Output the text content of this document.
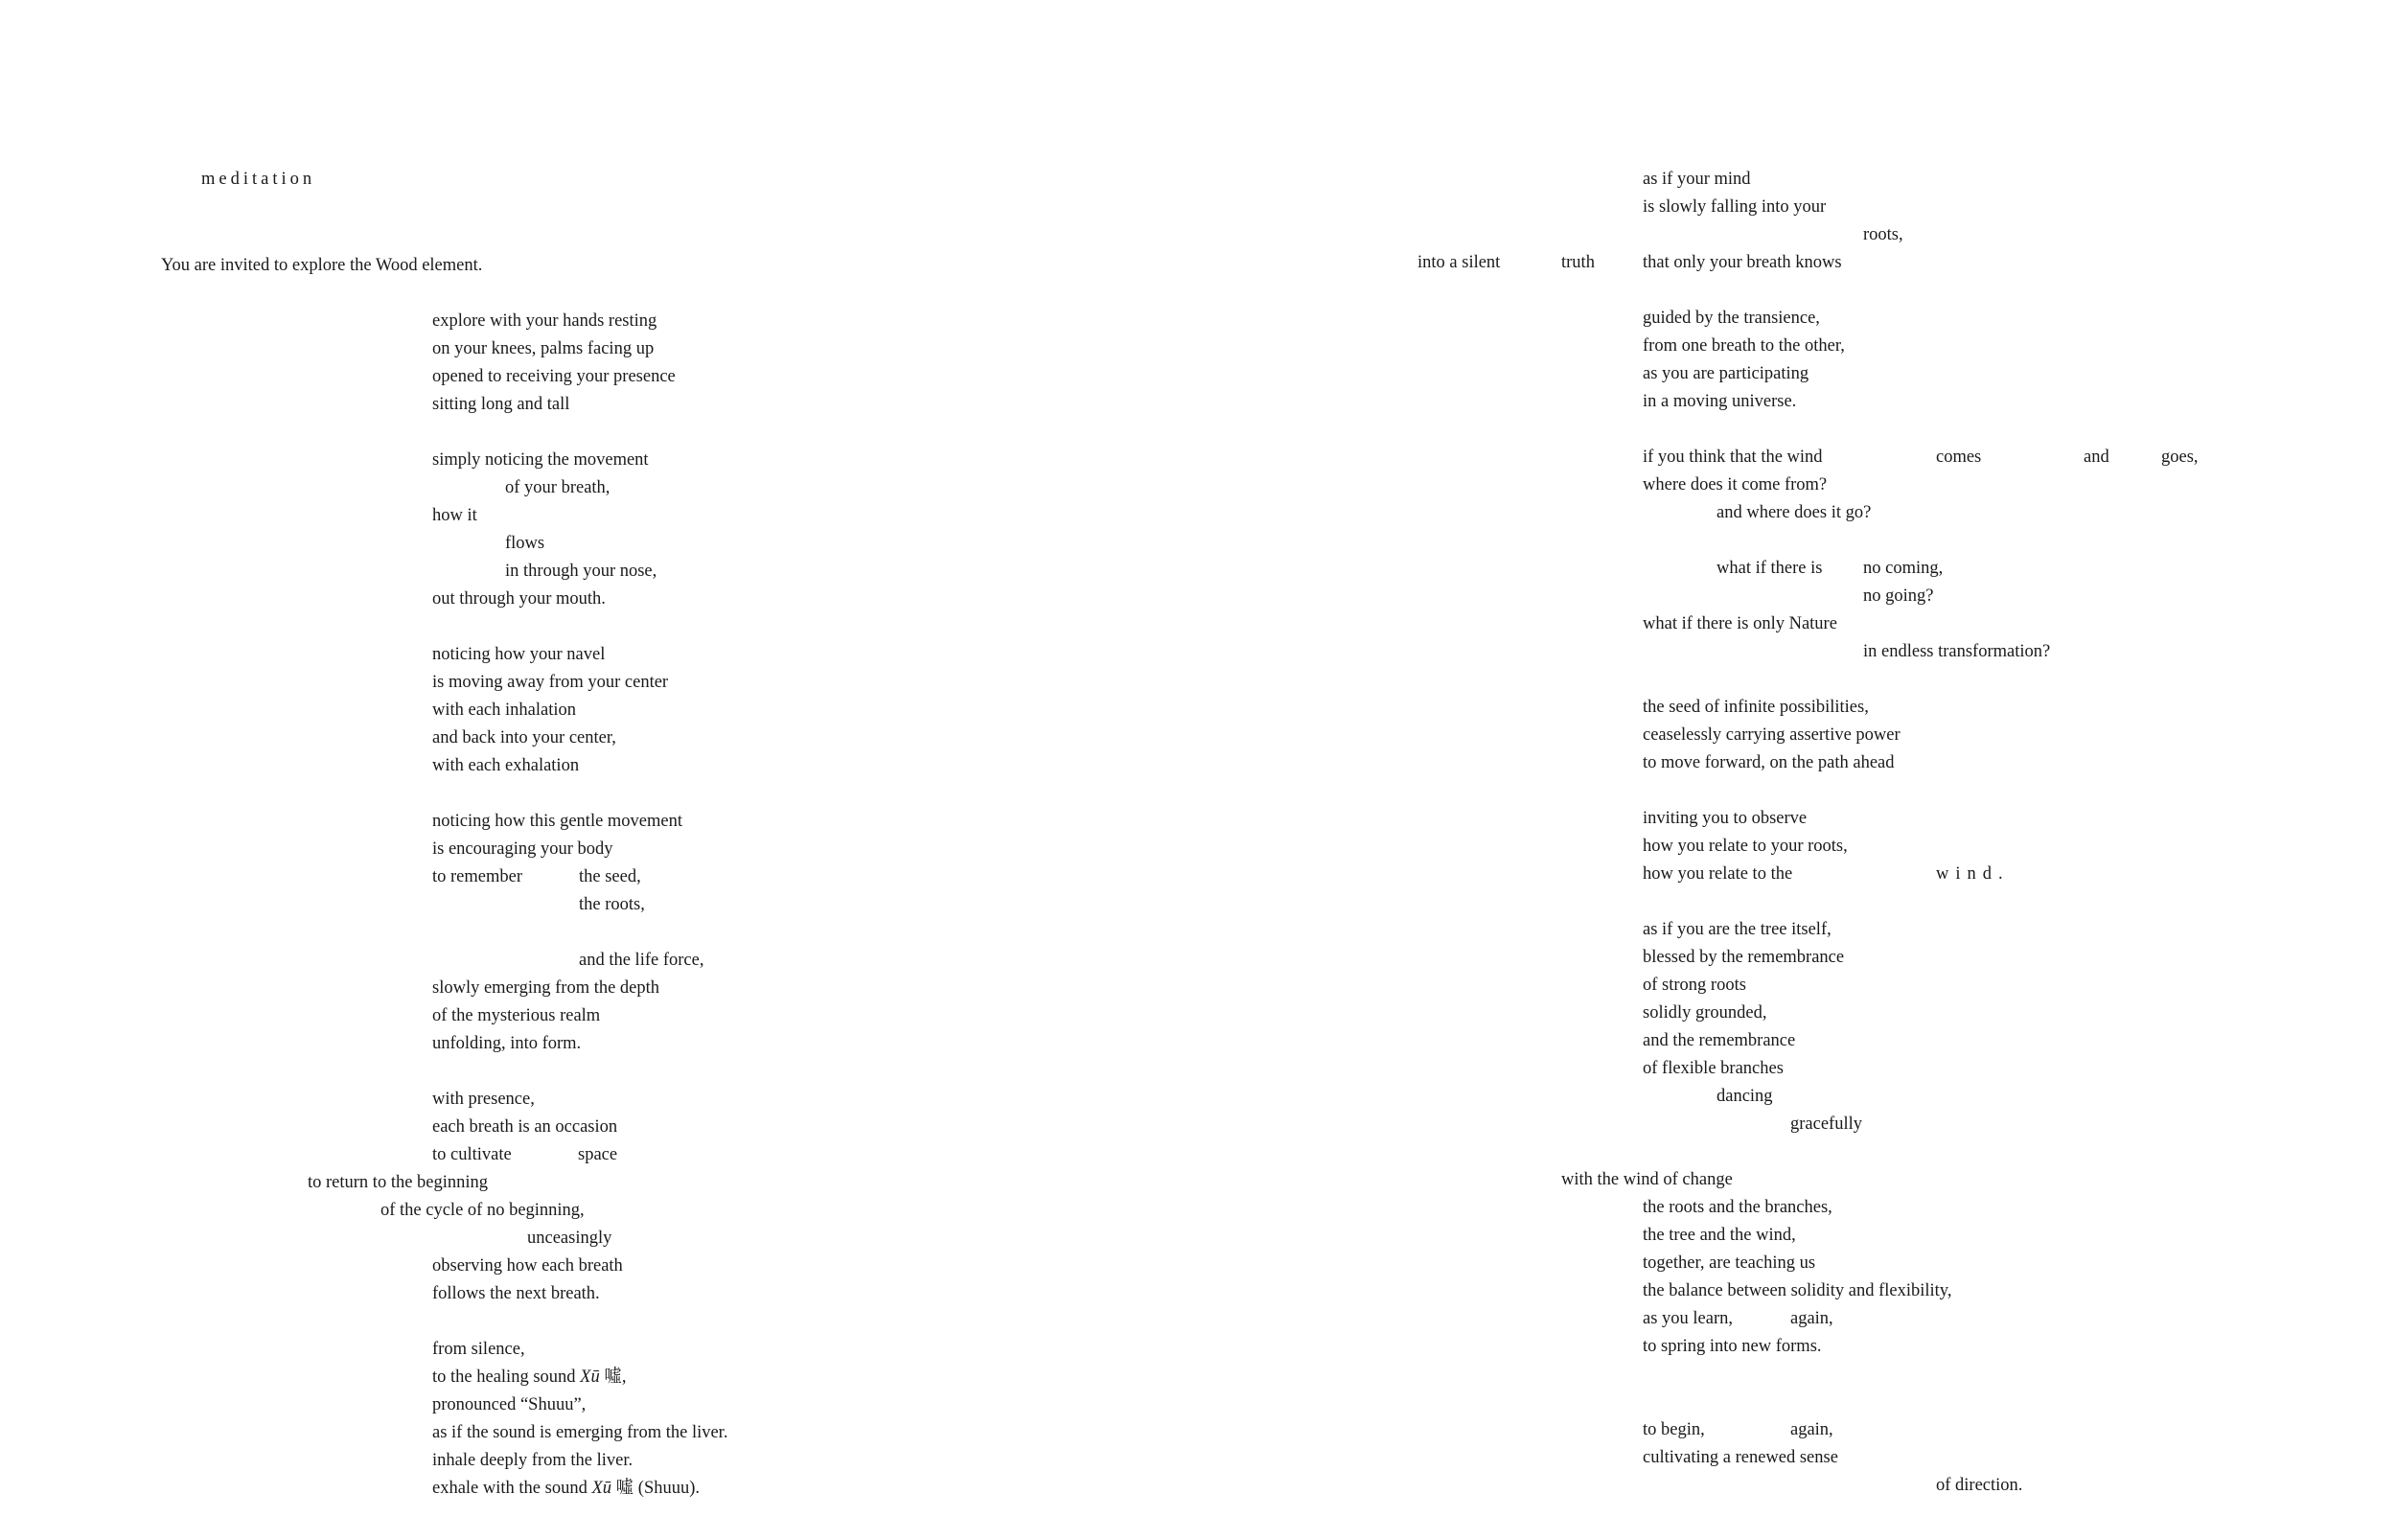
meditation
You are invited to explore the Wood element.
explore with your hands resting
on your knees, palms facing up
opened to receiving your presence
sitting long and tall
simply noticing the movement
of your breath,
how it
flows
in through your nose,
out through your mouth.
noticing how your navel
is moving away from your center
with each inhalation
and back into your center,
with each exhalation
noticing how this gentle movement
is encouraging your body
to remember	the seed,
the roots,
and the life force,
slowly emerging from the depth
of the mysterious realm
unfolding, into form.
with presence,
each breath is an occasion
to cultivate	space
to return to the beginning
of the cycle of no beginning,
unceasingly
observing how each breath
follows the next breath.
from silence,
to the healing sound Xū 噓,
pronounced “Shuuu”,
as if the sound is emerging from the liver.
inhale deeply from the liver.
exhale with the sound Xū 噓 (Shuuu).
as if your mind
is slowly falling into your
roots,
into a silent	truth	that only your breath knows
guided by the transience,
from one breath to the other,
as you are participating
in a moving universe.
if you think that the wind	comes	and	goes,
where does it come from?
and where does it go?
what if there is no coming,
no going?
what if there is only Nature
in endless transformation?
the seed of infinite possibilities,
ceaselessly carrying assertive power
to move forward, on the path ahead
inviting you to observe
how you relate to your roots,
how you relate to the	wind.
as if you are the tree itself,
blessed by the remembrance
of strong roots
solidly grounded,
and the remembrance
of flexible branches
dancing
gracefully
with the wind of change
the roots and the branches,
the tree and the wind,
together, are teaching us
the balance between solidity and flexibility,
as you learn,	again,
to spring into new forms.
to begin,	again,
cultivating a renewed sense
of direction.
